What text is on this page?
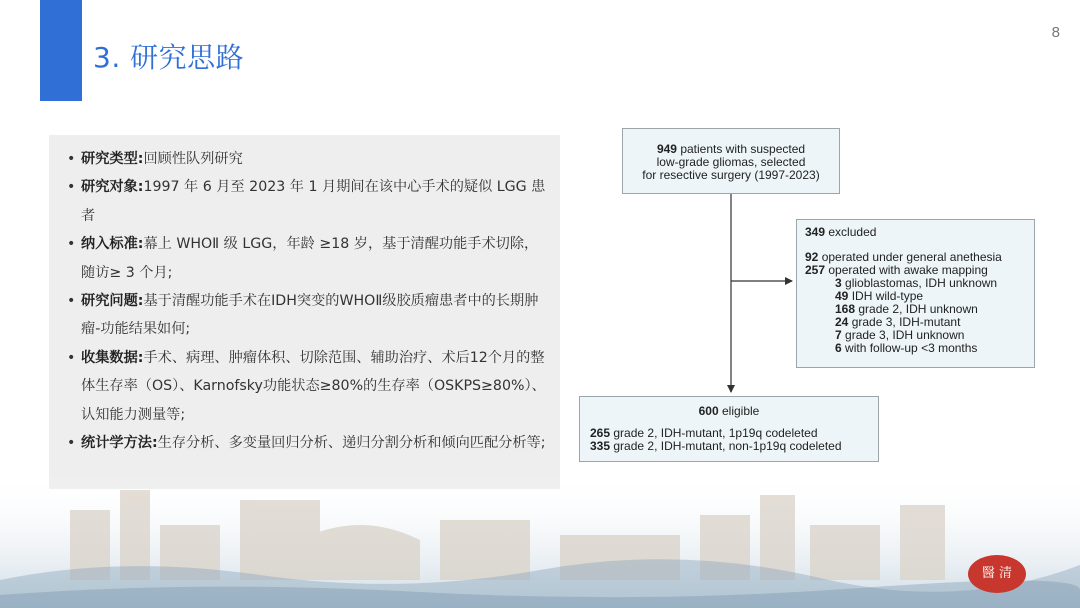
3. 研究思路
8
• 研究类型:回顾性队列研究
• 研究对象:1997 年 6 月至 2023 年 1 月期间在该中心手术的疑似 LGG 患者
• 纳入标准:幕上 WHOⅡ 级 LGG，年龄 ≥18 岁，基于清醒功能手术切除，随访≥ 3 个月;
• 研究问题:基于清醒功能手术在IDH突变的WHOⅡ级胶质瘤患者中的长期肿瘤-功能结果如何;
• 收集数据:手术、病理、肿瘤体积、切除范围、辅助治疗、术后12个月的整体生存率（OS）、Karnofsky功能状态≥80%的生存率（OSKPS≥80%）、认知能力测量等;
• 统计学方法:生存分析、多变量回归分析、递归分割分析和倾向匹配分析等;
949 patients with suspected
low-grade gliomas, selected
for resective surgery (1997-2023)
349 excluded
92 operated under general anethesia
257 operated with awake mapping
3 glioblastomas, IDH unknown
49 IDH wild-type
168 grade 2, IDH unknown
24 grade 3, IDH-mutant
7 grade 3, IDH unknown
6 with follow-up <3 months
600 eligible
265 grade 2, IDH-mutant, 1p19q codeleted
335 grade 2, IDH-mutant, non-1p19q codeleted
醫 清
